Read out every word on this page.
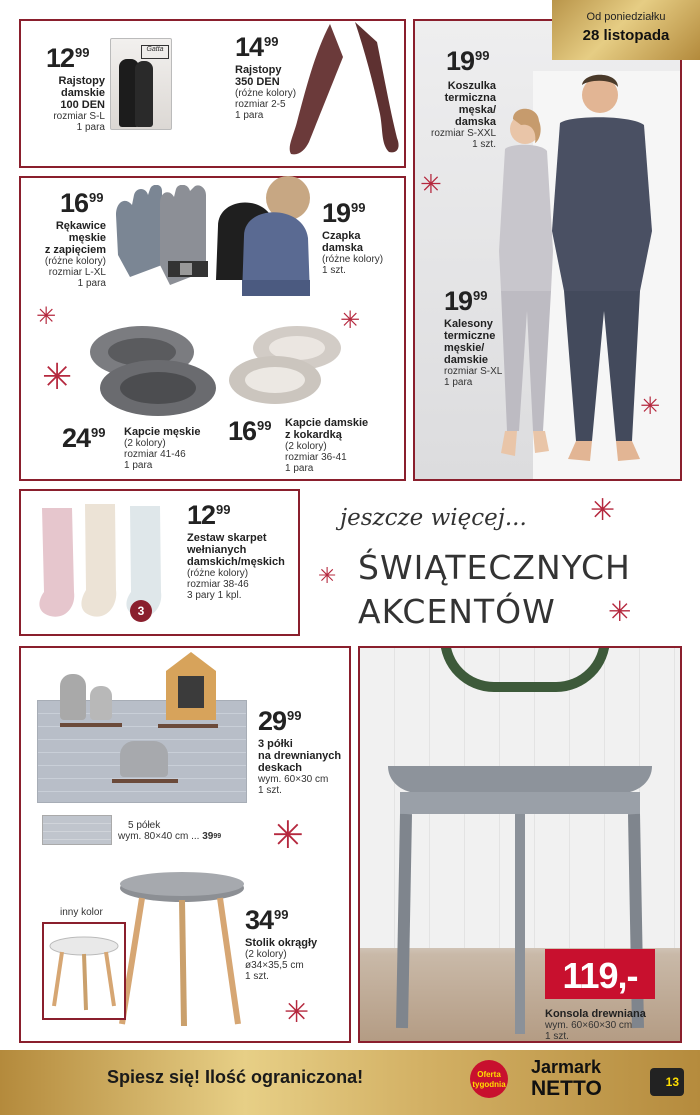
Gatta
$12^{99}$
Rajstopy
damskie
100 DEN
rozmiar S-L
1 para
$14^{99}$
Rajstopy
350 DEN
(różne kolory)
rozmiar 2-5
1 para
Od poniedziałku
28 listopada
$19^{99}$
Koszulka
termiczna
męska/
damska
rozmiar S-XXL
1 szt.
✳
$19^{99}$
Kalesony
termiczne
męskie/
damskie
rozmiar S-XL
1 para
✳
$16^{99}$
Rękawice
męskie
z zapięciem
(różne kolory)
rozmiar L-XL
1 para
$19^{99}$
Czapka
damska
(różne kolory)
1 szt.
✳	✳
✳
$24^{99}$ Kapcie męskie
(2 kolory)
rozmiar 41-46
1 para
$16^{99}$ Kapcie damskie
z kokardką
(2 kolory)
rozmiar 36-41
1 para
3
$12^{99}$
Zestaw skarpet
wełnianych
damskich/męskich
(różne kolory)
rozmiar 38-46
3 pary 1 kpl.
jeszcze więcej... ✳
✳ ŚWIĄTECZNYCH
AKCENTÓW ✳
5 półek
wym. 80×40 cm ... $39^{99}$
$29^{99}$
3 półki
na drewnianych
deskach
wym. 60×30 cm
1 szt.
✳
inny kolor	$34^{99}$
Stolik okrągły
(2 kolory)
ø34×35,5 cm
1 szt.
✳
119,-
Konsola drewniana
wym. 60×60×30 cm
1 szt.
Spiesz się! Ilość ograniczona!	Oferta
tygodnia
Jarmark
NETTO	13
